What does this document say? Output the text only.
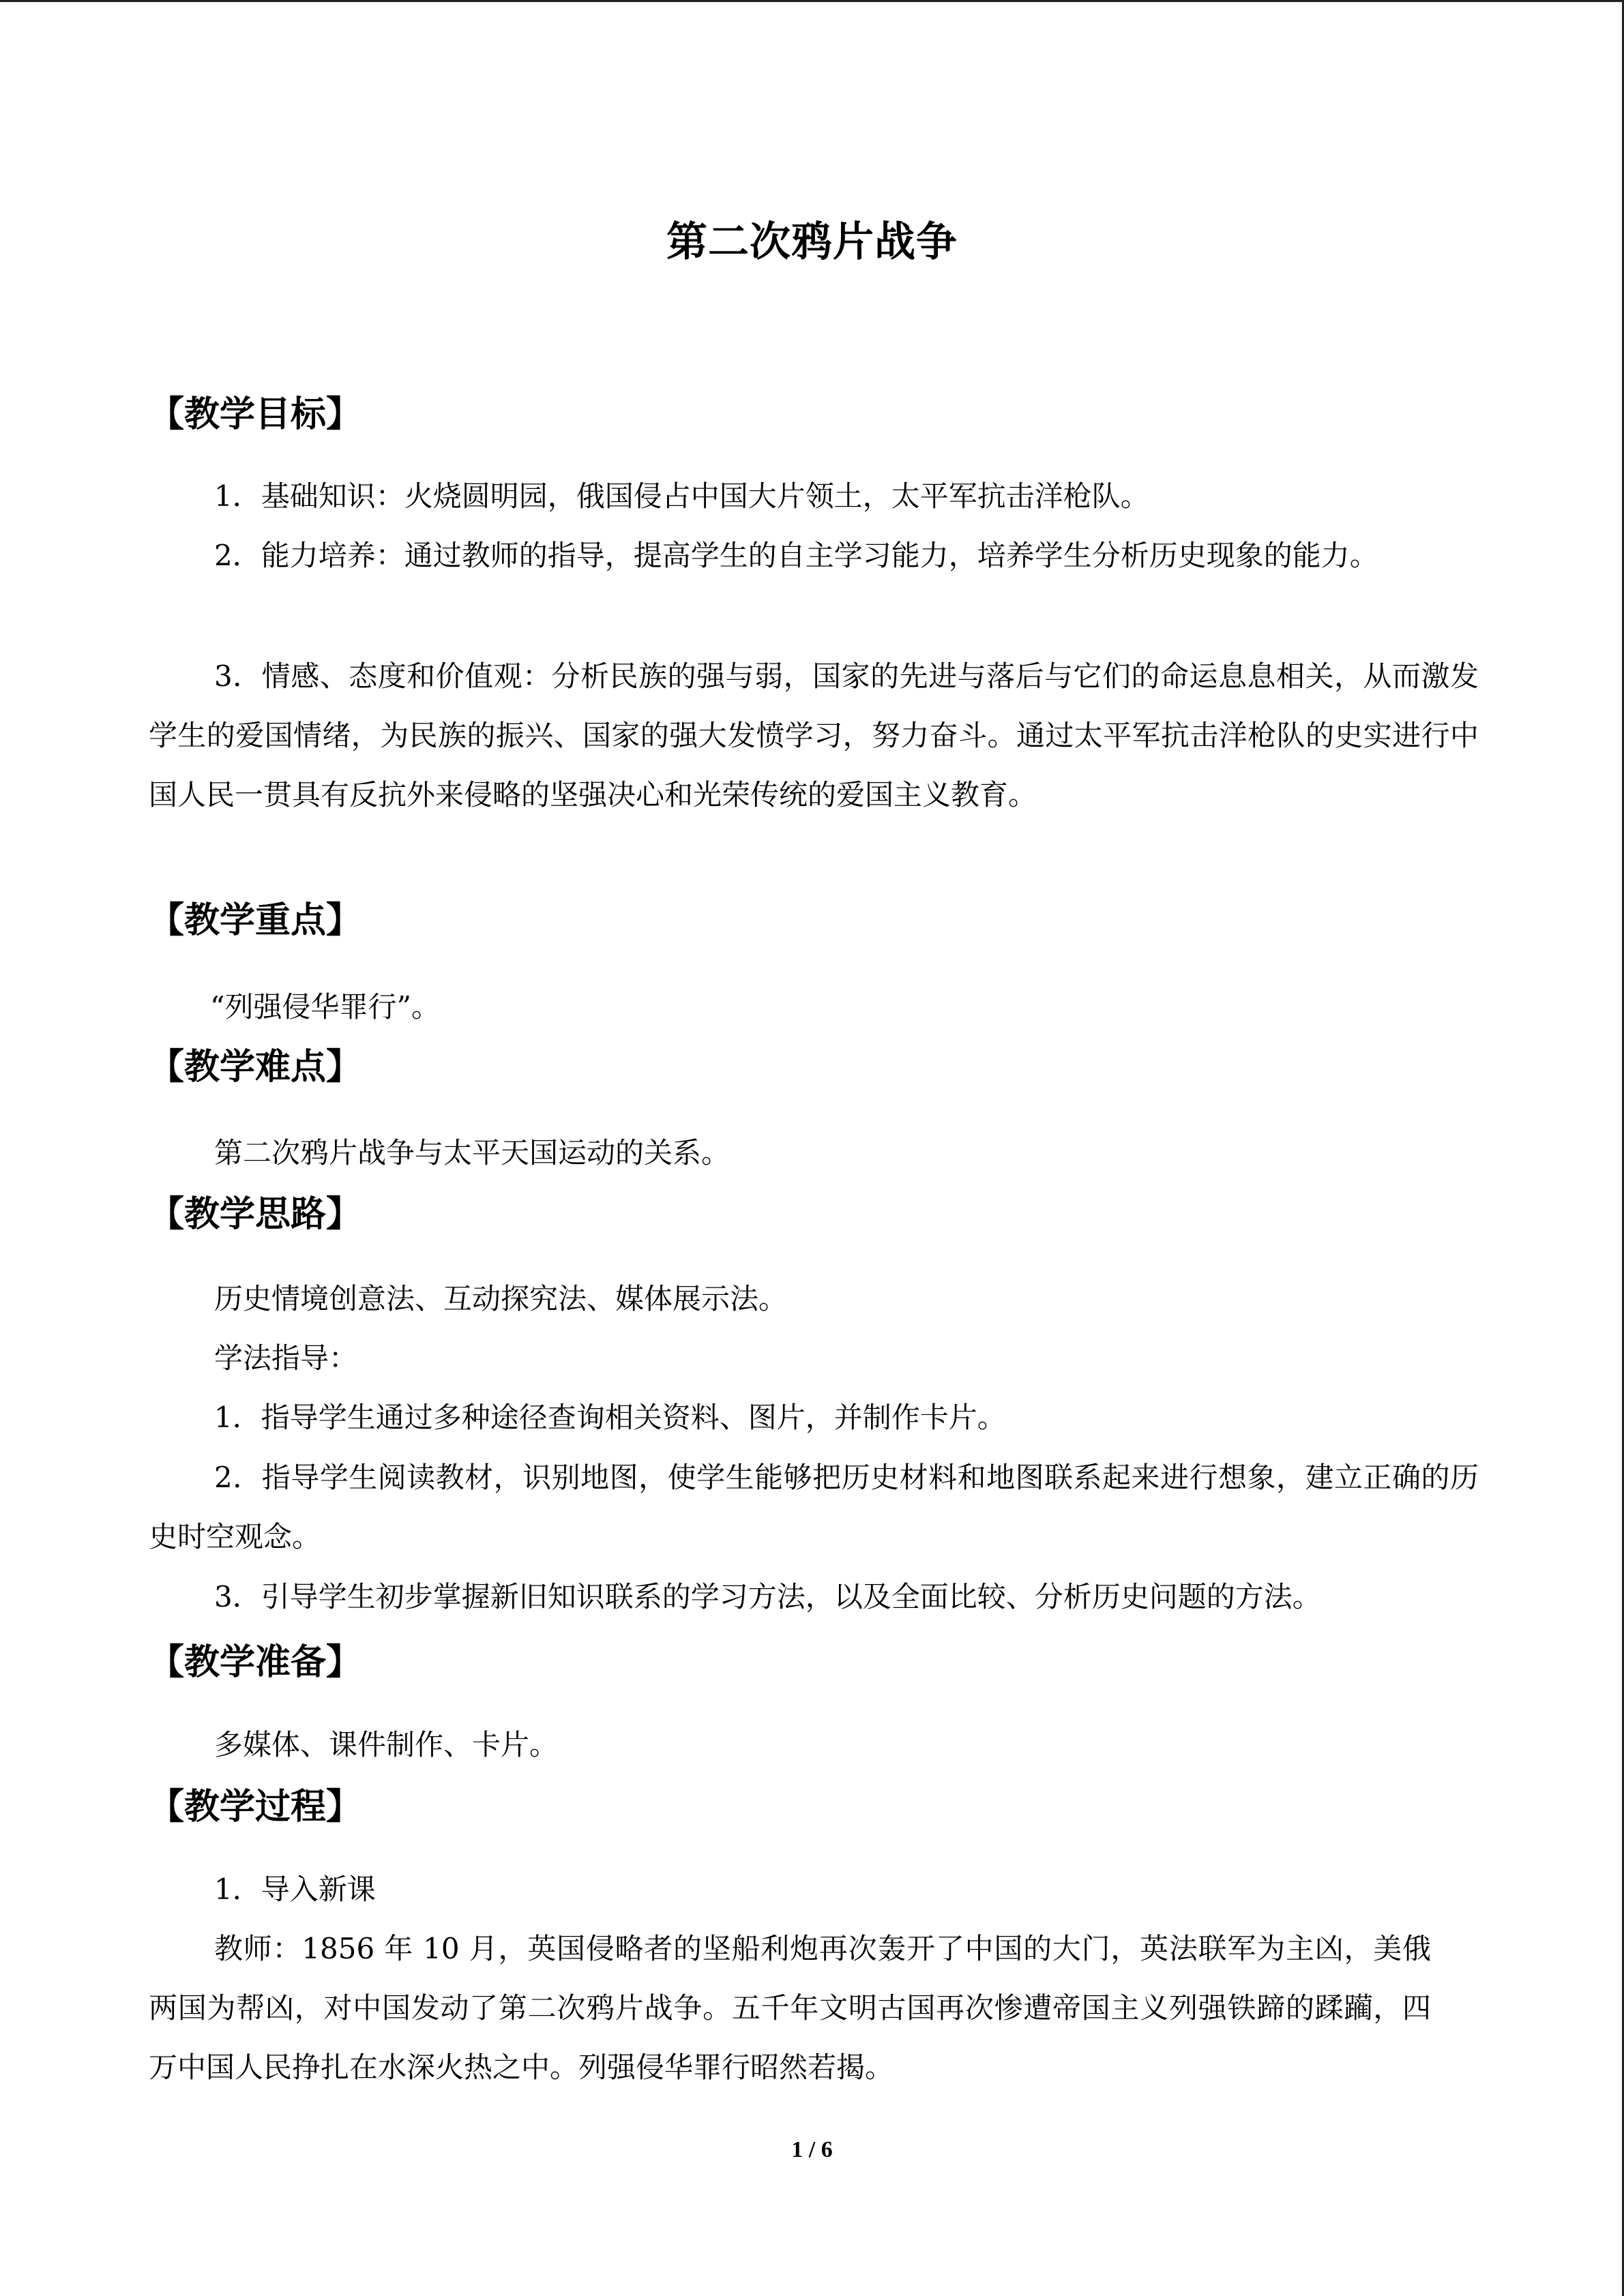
第二次鸦片战争
【教学目标】
1．基础知识：火烧圆明园，俄国侵占中国大片领土，太平军抗击洋枪队。
2．能力培养：通过教师的指导，提高学生的自主学习能力，培养学生分析历史现象的能力。
3．情感、态度和价值观：分析民族的强与弱，国家的先进与落后与它们的命运息息相关，从而激发学生的爱国情绪，为民族的振兴、国家的强大发愤学习，努力奋斗。通过太平军抗击洋枪队的史实进行中国人民一贯具有反抗外来侵略的坚强决心和光荣传统的爱国主义教育。
【教学重点】
“列强侵华罪行”。
【教学难点】
第二次鸦片战争与太平天国运动的关系。
【教学思路】
历史情境创意法、互动探究法、媒体展示法。
学法指导：
1．指导学生通过多种途径查询相关资料、图片，并制作卡片。
2．指导学生阅读教材，识别地图，使学生能够把历史材料和地图联系起来进行想象，建立正确的历史时空观念。
3．引导学生初步掌握新旧知识联系的学习方法，以及全面比较、分析历史问题的方法。
【教学准备】
多媒体、课件制作、卡片。
【教学过程】
1．导入新课
教师：1856 年 10 月，英国侵略者的坚船利炮再次轰开了中国的大门，英法联军为主凶，美俄两国为帮凶，对中国发动了第二次鸦片战争。五千年文明古国再次惨遭帝国主义列强铁蹄的蹂躏，四万中国人民挣扎在水深火热之中。列强侵华罪行昭然若揭。
1 / 6
